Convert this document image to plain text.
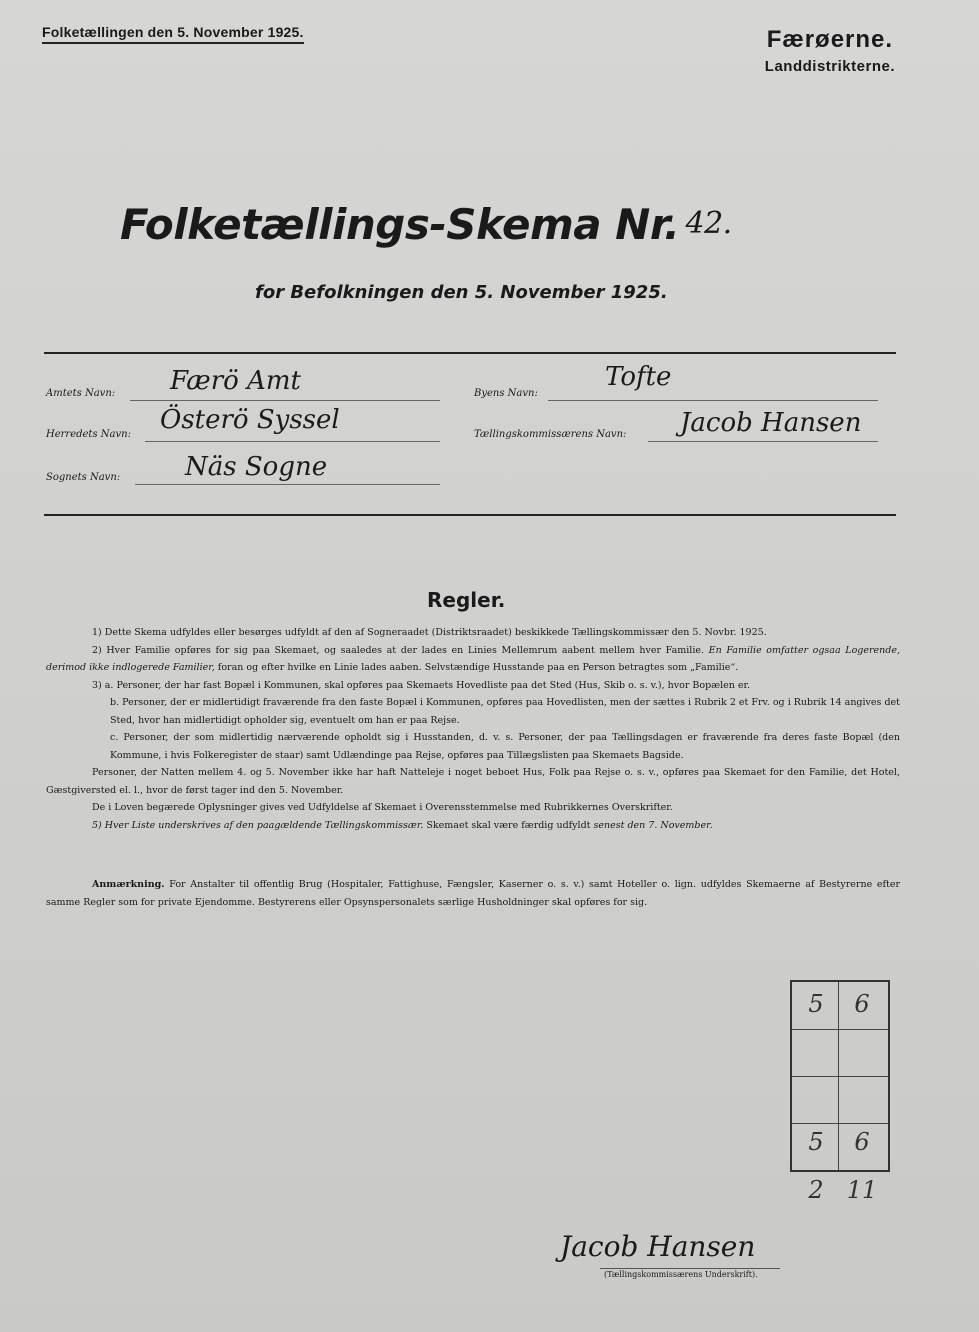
Folketællingen den 5. November 1925.	Færøerne.
Landdistrikterne.
Folketællings-Skema Nr. 42.
for Befolkningen den 5. November 1925.
Amtets Navn: Færö Amt
Herredets Navn: Österö Syssel
Sognets Navn: Näs Sogne
Byens Navn:
Tofte
Tællingskommissærens Navn: Jacob Hansen
Regler.

1) Dette Skema udfyldes eller besørges udfyldt af den af Sogneraadet (Distriktsraadet) beskikkede Tællingskommissær den 5. Novbr. 1925.

2) Hver Familie opføres for sig paa Skemaet, og saaledes at der lades en Linies Mellemrum aabent mellem hver Familie. En Familie omfatter ogsaa Logerende, derimod ikke indlogerede Familier, foran og efter hvilke en Linie lades aaben. Selvstændige Husstande paa en Person betragtes som „Familie“.

3) a. Personer, der har fast Bopæl i Kommunen, skal opføres paa Skemaets Hovedliste paa det Sted (Hus, Skib o. s. v.), hvor Bopælen er.

b. Personer, der er midlertidigt fraværende fra den faste Bopæl i Kommunen, opføres paa Hovedlisten, men der sættes i Rubrik 2 et Frv. og i Rubrik 14 angives det Sted, hvor han midlertidigt opholder sig, eventuelt om han er paa Rejse.

c. Personer, der som midlertidig nærværende opholdt sig i Husstanden, d. v. s. Personer, der paa Tællingsdagen er fraværende fra deres faste Bopæl (den Kommune, i hvis Folkeregister de staar) samt Udlændinge paa Rejse, opføres paa Tillægslisten paa Skemaets Bagside.

Personer, der Natten mellem 4. og 5. November ikke har haft Natteleje i noget beboet Hus, Folk paa Rejse o. s. v., opføres paa Skemaet for den Familie, det Hotel, Gæstgiversted el. l., hvor de først tager ind den 5. November.

De i Loven begærede Oplysninger gives ved Udfyldelse af Skemaet i Overensstemmelse med Rubrikkernes Overskrifter.

5) Hver Liste underskrives af den paagældende Tællingskommissær. Skemaet skal være færdig udfyldt senest den 7. November.

Anmærkning. For Anstalter til offentlig Brug (Hospitaler, Fattighuse, Fængsler, Kaserner o. s. v.) samt Hoteller o. lign. udfyldes Skemaerne af Bestyrerne efter samme Regler som for private Ejendomme. Bestyrerens eller Opsynspersonalets særlige Husholdninger skal opføres for sig.
5	6
5	6
2 11
Jacob Hansen
(Tællingskommissærens Underskrift).
